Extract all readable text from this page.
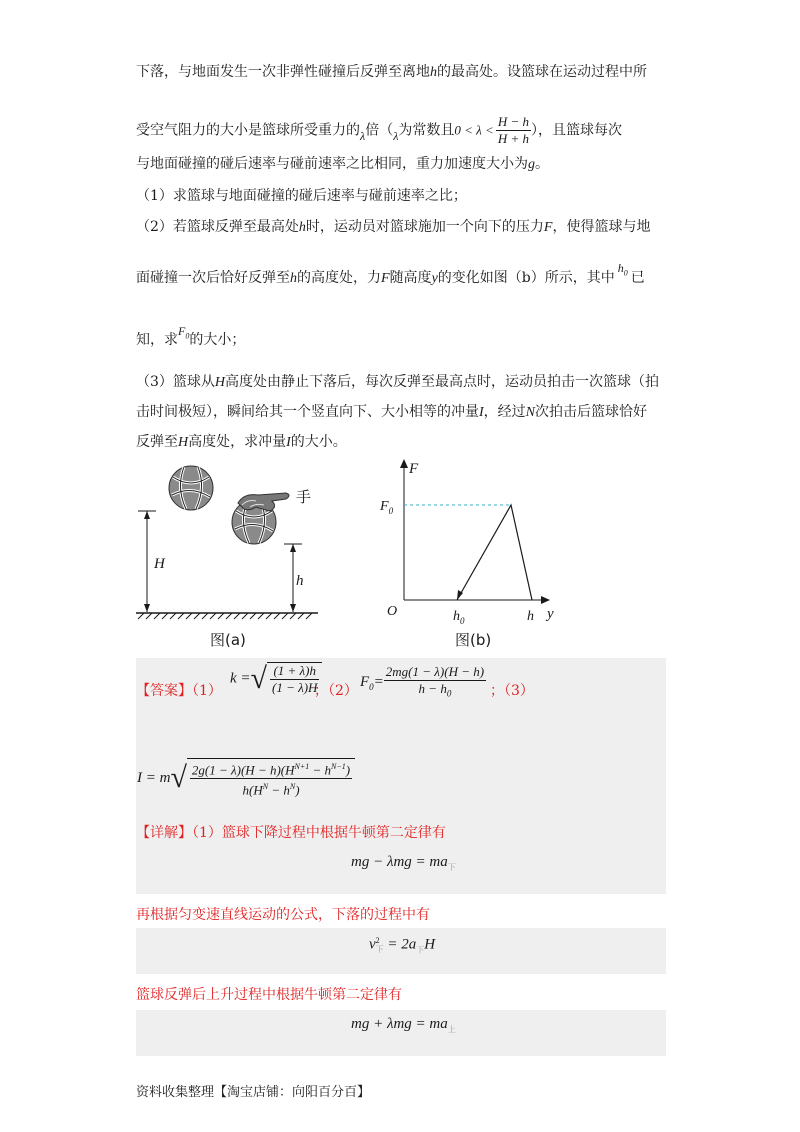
下落，与地面发生一次非弹性碰撞后反弹至离地h的最高处。设篮球在运动过程中所
受空气阻力的大小是篮球所受重力的λ倍（λ为常数且$0 < \lambda < \frac{H - h}{H + h}$ ），且篮球每次
与地面碰撞的碰后速率与碰前速率之比相同，重力加速度大小为g。
（1）求篮球与地面碰撞的碰后速率与碰前速率之比；
（2）若篮球反弹至最高处h时，运动员对篮球施加一个向下的压力F，使得篮球与地
面碰撞一次后恰好反弹至h的高度处，力F随高度y的变化如图（b）所示，其中$h_0$ 已
知，求$F_0$的大小；
（3）篮球从H高度处由静止下落后，每次反弹至最高点时，运动员拍击一次篮球（拍
击时间极短），瞬间给其一个竖直向下、大小相等的冲量I，经过N次拍击后篮球恰好
反弹至H高度处，求冲量I的大小。
手
H
h
图(a)
F
y
O
$F_0$
$h_0$	h
图(b)
【答案】（1）
k =√ $\frac{(1 + \lambda)h}{(1 - \lambda)H}$
；（2）
$F_0= \frac{2mg(1 - \lambda)(H - h)}{h - h_0}$ ；（3）
$I = m√ \frac{2g(1 - \lambda)(H - h)(H^{N+1} - h^{N-1})}{h(H^N - h^N)}$
【详解】（1）篮球下降过程中根据牛顿第二定律有
mg − $\lambda mg = ma_下$
再根据匀变速直线运动的公式，下落的过程中有
v 2
下 = $2a_下H$
篮球反弹后上升过程中根据牛顿第二定律有
mg + $\lambda mg = ma_上$
资料收集整理【淘宝店铺：向阳百分百】
